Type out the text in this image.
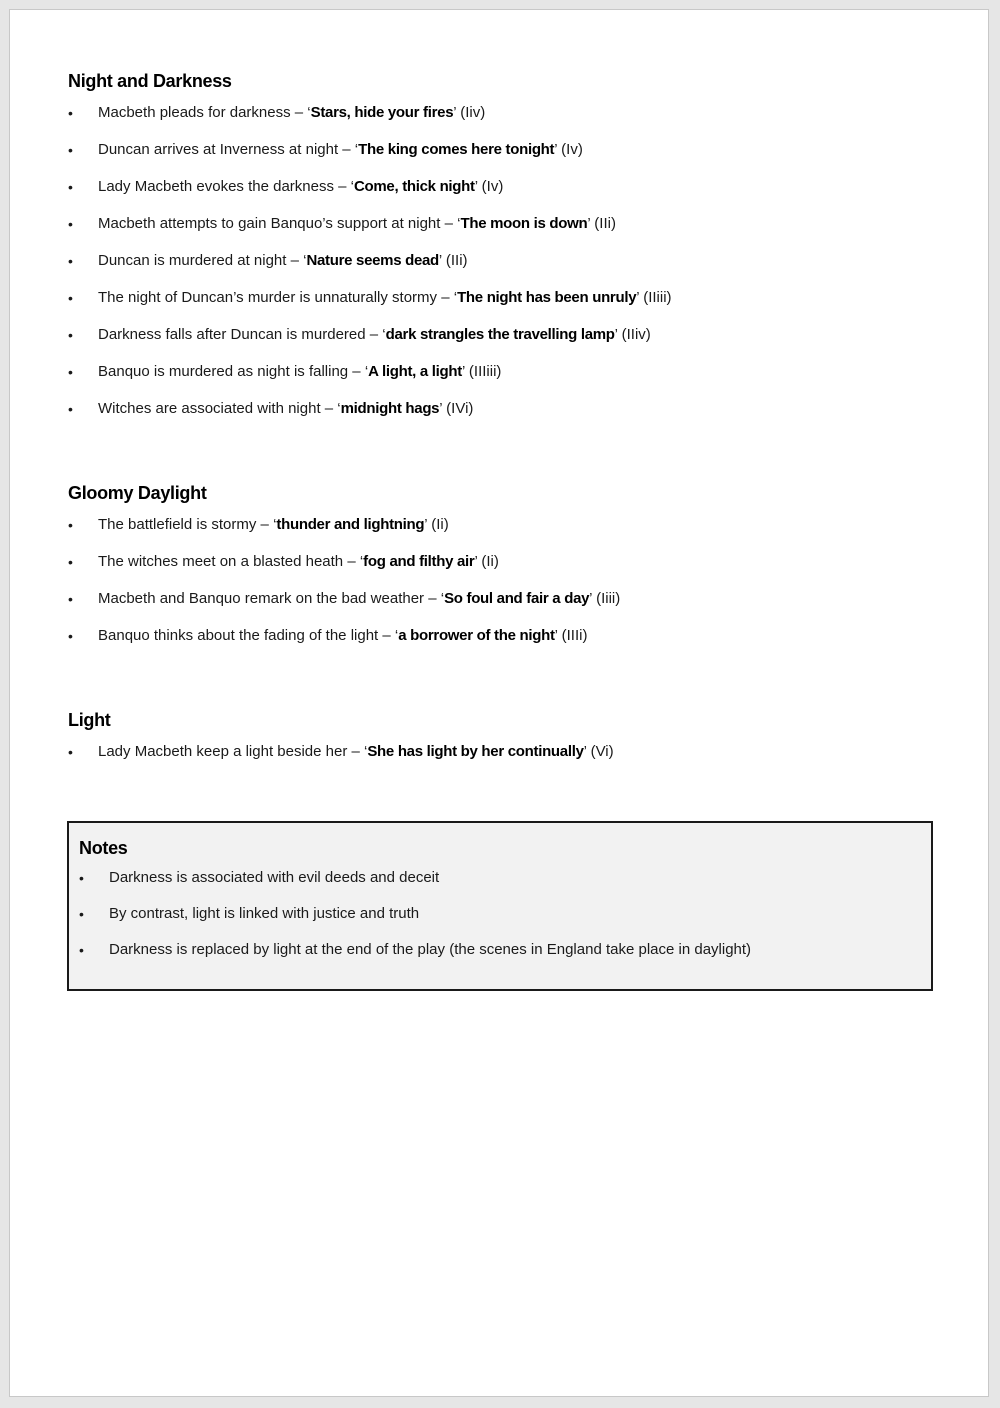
Night and Darkness
•	Macbeth pleads for darkness – ‘Stars, hide your fires’ (Iiv)
•	Duncan arrives at Inverness at night – ‘The king comes here tonight’ (Iv)
•	Lady Macbeth evokes the darkness – ‘Come, thick night’ (Iv)
•	Macbeth attempts to gain Banquo’s support at night – ‘The moon is down’ (IIi)
•	Duncan is murdered at night – ‘Nature seems dead’ (IIi)
•	The night of Duncan’s murder is unnaturally stormy – ‘The night has been unruly’ (IIiii)
•	Darkness falls after Duncan is murdered – ‘dark strangles the travelling lamp’ (IIiv)
•	Banquo is murdered as night is falling – ‘A light, a light’ (IIIiii)
•	Witches are associated with night – ‘midnight hags’ (IVi)
Gloomy Daylight
•	The battlefield is stormy – ‘thunder and lightning’ (Ii)
•	The witches meet on a blasted heath – ‘fog and filthy air’ (Ii)
•	Macbeth and Banquo remark on the bad weather – ‘So foul and fair a day’ (Iiii)
•	Banquo thinks about the fading of the light – ‘a borrower of the night’ (IIIi)
Light
•	Lady Macbeth keep a light beside her – ‘She has light by her continually’ (Vi)
Notes
•	Darkness is associated with evil deeds and deceit
•	By contrast, light is linked with justice and truth
•	Darkness is replaced by light at the end of the play (the scenes in England take place in daylight)
